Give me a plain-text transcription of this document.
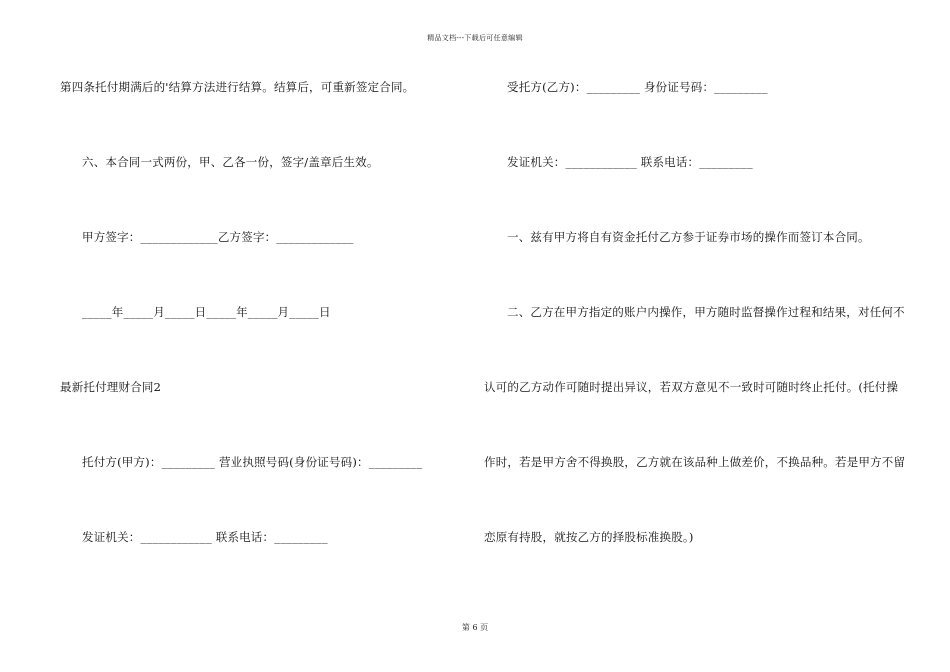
精品文档---下载后可任意编辑
第四条托付期满后的'结算方法进行结算。结算后，可重新签定合同。
六、本合同一式两份，甲、乙各一份，签字/盖章后生效。
甲方签字：_____________乙方签字：_____________
_____年_____月_____日_____年_____月_____日
最新托付理财合同2
托付方(甲方)：_________ 营业执照号码(身份证号码)：_________
发证机关：____________ 联系电话：_________
受托方(乙方)：_________ 身份证号码：_________
发证机关：____________ 联系电话：_________
一、兹有甲方将自有资金托付乙方参于证券市场的操作而签订本合同。
二、乙方在甲方指定的账户内操作，甲方随时监督操作过程和结果，对任何不
认可的乙方动作可随时提出异议，若双方意见不一致时可随时终止托付。(托付操
作时，若是甲方舍不得换股，乙方就在该品种上做差价，不换品种。若是甲方不留
恋原有持股，就按乙方的择股标准换股。)
第 6 页
